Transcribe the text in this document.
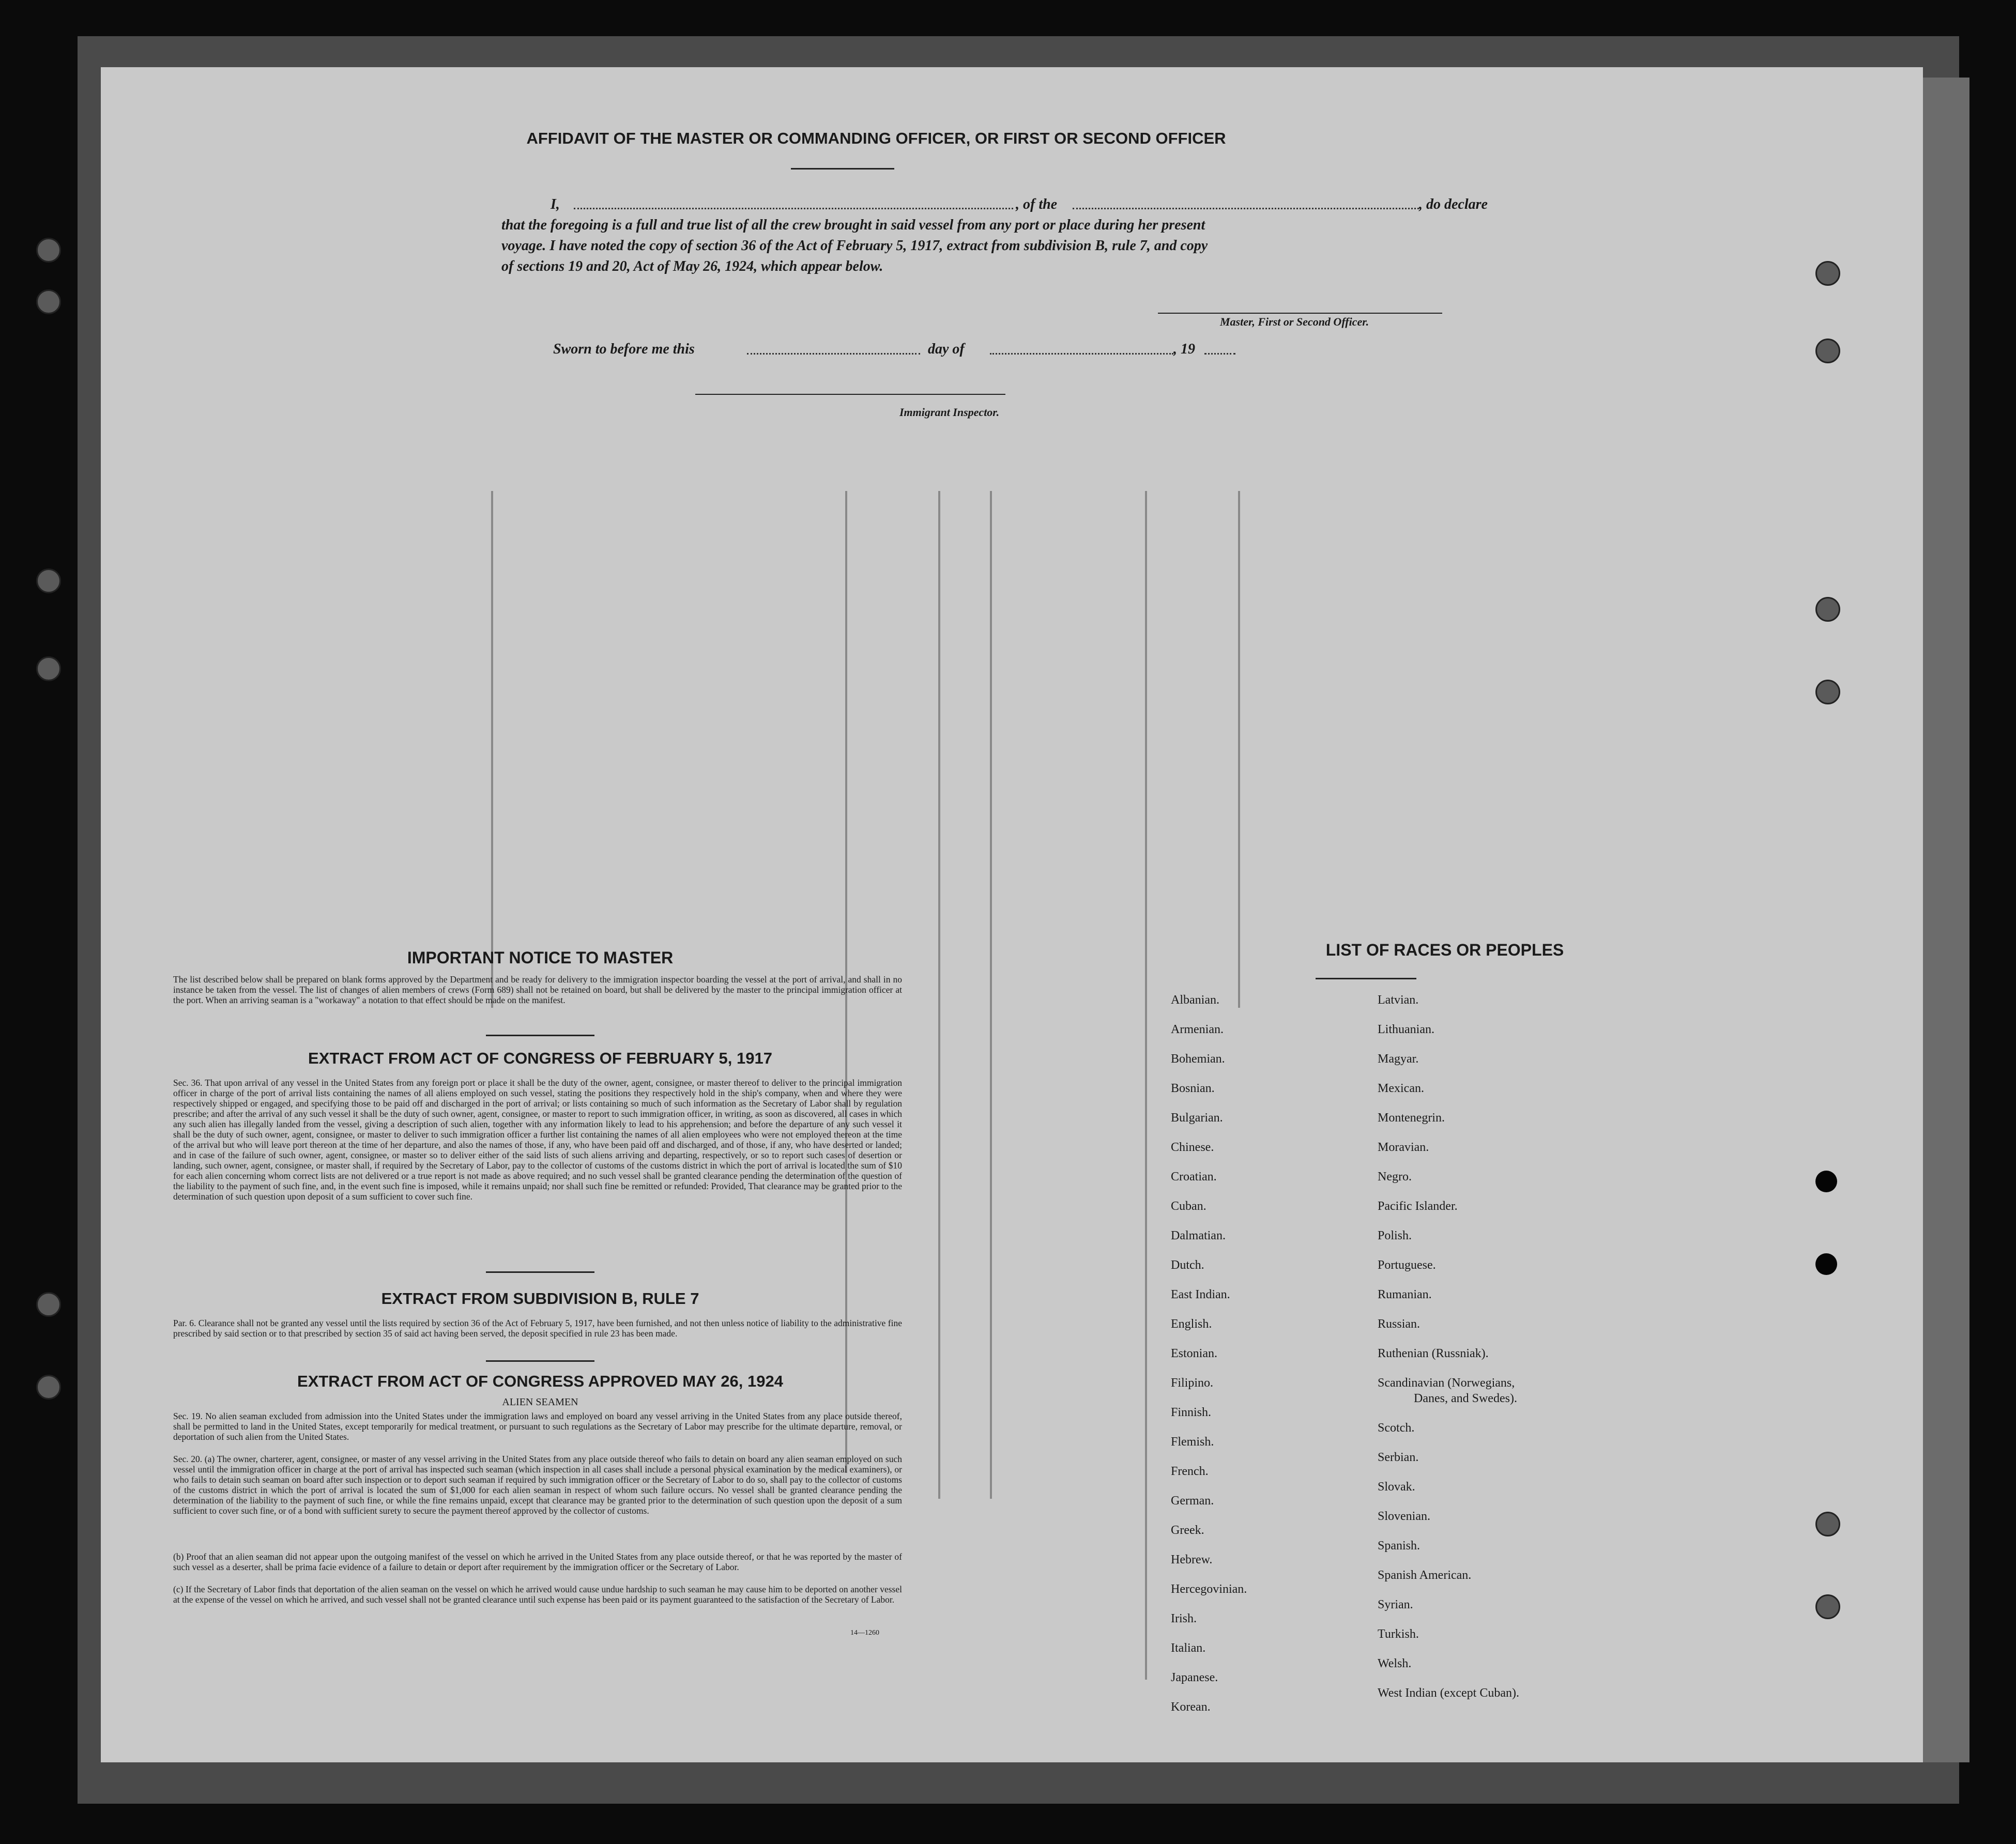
AFFIDAVIT OF THE MASTER OR COMMANDING OFFICER, OR FIRST OR SECOND OFFICER
I,	, of the	, do declare
that the foregoing is a full and true list of all the crew brought in said vessel from any port or place during her present
voyage. I have noted the copy of section 36 of the Act of February 5, 1917, extract from subdivision B, rule 7, and copy
of sections 19 and 20, Act of May 26, 1924, which appear below.
Master, First or Second Officer.
Sworn to before me this	day of	, 19
Immigrant Inspector.
IMPORTANT NOTICE TO MASTER
The list described below shall be prepared on blank forms approved by the Department and be ready for delivery to the immigration inspector boarding the vessel at the port of arrival, and shall in no instance be taken from the vessel. The list of changes of alien members of crews (Form 689) shall not be retained on board, but shall be delivered by the master to the principal immigration officer at the port. When an arriving seaman is a "workaway" a notation to that effect should be made on the manifest.
EXTRACT FROM ACT OF CONGRESS OF FEBRUARY 5, 1917
Sec. 36. That upon arrival of any vessel in the United States from any foreign port or place it shall be the duty of the owner, agent, consignee, or master thereof to deliver to the principal immigration officer in charge of the port of arrival lists containing the names of all aliens employed on such vessel, stating the positions they respectively hold in the ship's company, when and where they were respectively shipped or engaged, and specifying those to be paid off and discharged in the port of arrival; or lists containing so much of such information as the Secretary of Labor shall by regulation prescribe; and after the arrival of any such vessel it shall be the duty of such owner, agent, consignee, or master to report to such immigration officer, in writing, as soon as discovered, all cases in which any such alien has illegally landed from the vessel, giving a description of such alien, together with any information likely to lead to his apprehension; and before the departure of any such vessel it shall be the duty of such owner, agent, consignee, or master to deliver to such immigration officer a further list containing the names of all alien employees who were not employed thereon at the time of the arrival but who will leave port thereon at the time of her departure, and also the names of those, if any, who have been paid off and discharged, and of those, if any, who have deserted or landed; and in case of the failure of such owner, agent, consignee, or master so to deliver either of the said lists of such aliens arriving and departing, respectively, or so to report such cases of desertion or landing, such owner, agent, consignee, or master shall, if required by the Secretary of Labor, pay to the collector of customs of the customs district in which the port of arrival is located the sum of $10 for each alien concerning whom correct lists are not delivered or a true report is not made as above required; and no such vessel shall be granted clearance pending the determination of the question of the liability to the payment of such fine, and, in the event such fine is imposed, while it remains unpaid; nor shall such fine be remitted or refunded: Provided, That clearance may be granted prior to the determination of such question upon deposit of a sum sufficient to cover such fine.
EXTRACT FROM SUBDIVISION B, RULE 7
Par. 6. Clearance shall not be granted any vessel until the lists required by section 36 of the Act of February 5, 1917, have been furnished, and not then unless notice of liability to the administrative fine prescribed by said section or to that prescribed by section 35 of said act having been served, the deposit specified in rule 23 has been made.
EXTRACT FROM ACT OF CONGRESS APPROVED MAY 26, 1924
ALIEN SEAMEN
Sec. 19. No alien seaman excluded from admission into the United States under the immigration laws and employed on board any vessel arriving in the United States from any place outside thereof, shall be permitted to land in the United States, except temporarily for medical treatment, or pursuant to such regulations as the Secretary of Labor may prescribe for the ultimate departure, removal, or deportation of such alien from the United States.
Sec. 20. (a) The owner, charterer, agent, consignee, or master of any vessel arriving in the United States from any place outside thereof who fails to detain on board any alien seaman employed on such vessel until the immigration officer in charge at the port of arrival has inspected such seaman (which inspection in all cases shall include a personal physical examination by the medical examiners), or who fails to detain such seaman on board after such inspection or to deport such seaman if required by such immigration officer or the Secretary of Labor to do so, shall pay to the collector of customs of the customs district in which the port of arrival is located the sum of $1,000 for each alien seaman in respect of whom such failure occurs. No vessel shall be granted clearance pending the determination of the liability to the payment of such fine, or while the fine remains unpaid, except that clearance may be granted prior to the determination of such question upon the deposit of a sum sufficient to cover such fine, or of a bond with sufficient surety to secure the payment thereof approved by the collector of customs.
(b) Proof that an alien seaman did not appear upon the outgoing manifest of the vessel on which he arrived in the United States from any place outside thereof, or that he was reported by the master of such vessel as a deserter, shall be prima facie evidence of a failure to detain or deport after requirement by the immigration officer or the Secretary of Labor.
(c) If the Secretary of Labor finds that deportation of the alien seaman on the vessel on which he arrived would cause undue hardship to such seaman he may cause him to be deported on another vessel at the expense of the vessel on which he arrived, and such vessel shall not be granted clearance until such expense has been paid or its payment guaranteed to the satisfaction of the Secretary of Labor.
14—1260
LIST OF RACES OR PEOPLES
Albanian.
Armenian.
Bohemian.
Bosnian.
Bulgarian.
Chinese.
Croatian.
Cuban.
Dalmatian.
Dutch.
East Indian.
English.
Estonian.
Filipino.
Finnish.
Flemish.
French.
German.
Greek.
Hebrew.
Hercegovinian.
Irish.
Italian.
Japanese.
Korean.
Latvian.
Lithuanian.
Magyar.
Mexican.
Montenegrin.
Moravian.
Negro.
Pacific Islander.
Polish.
Portuguese.
Rumanian.
Russian.
Ruthenian (Russniak).
Scandinavian (Norwegians,
Danes, and Swedes).
Scotch.
Serbian.
Slovak.
Slovenian.
Spanish.
Spanish American.
Syrian.
Turkish.
Welsh.
West Indian (except Cuban).
